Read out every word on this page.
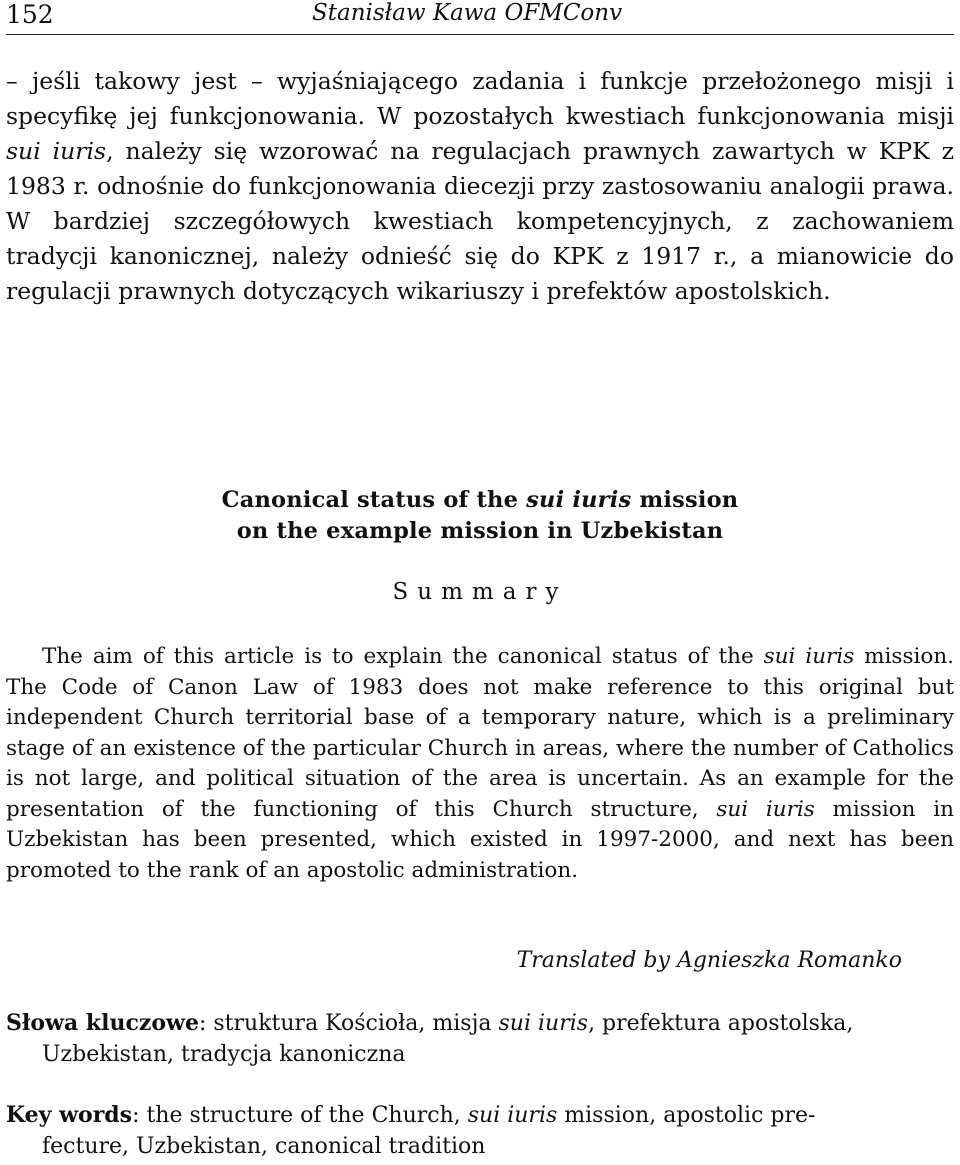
152	Stanisław Kawa OFMConv

– jeśli takowy jest – wyjaśniającego zadania i funkcje przełożonego misji i specyfikę jej funkcjonowania. W pozostałych kwestiach funkcjonowania misji sui iuris, należy się wzorować na regulacjach prawnych zawartych w KPK z 1983 r. odnośnie do funkcjonowania diecezji przy zastosowaniu analogii prawa. W bardziej szczegółowych kwestiach kompetencyjnych, z zachowaniem tradycji kanonicznej, należy odnieść się do KPK z 1917 r., a mianowicie do regulacji prawnych dotyczących wikariuszy i prefektów apostolskich.

Canonical status of the sui iuris mission
on the example mission in Uzbekistan
Summary

The aim of this article is to explain the canonical status of the sui iuris mission. The Code of Canon Law of 1983 does not make reference to this original but independent Church territorial base of a temporary nature, which is a preliminary stage of an existence of the particular Church in areas, where the number of Catholics is not large, and political situation of the area is uncertain. As an example for the presentation of the functioning of this Church structure, sui iuris mission in Uzbekistan has been presented, which existed in 1997-2000, and next has been promoted to the rank of an apostolic administration.

Translated by Agnieszka Romanko

Słowa kluczowe: struktura Kościoła, misja sui iuris, prefektura apostolska,
Uzbekistan, tradycja kanoniczna

Key words: the structure of the Church, sui iuris mission, apostolic pre-
fecture, Uzbekistan, canonical tradition
